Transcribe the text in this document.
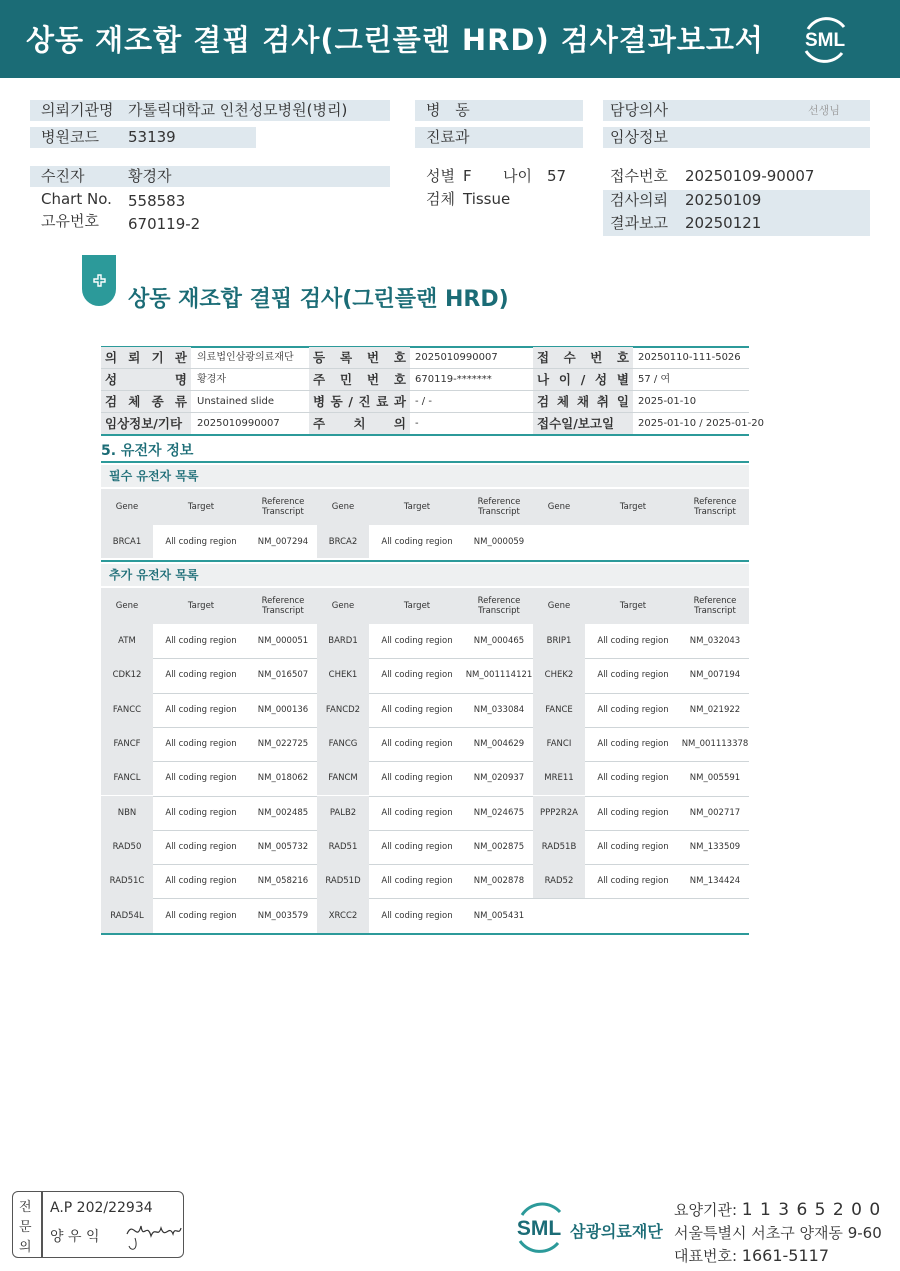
상동 재조합 결핍 검사(그린플랜 HRD) 검사결과보고서 SML
의뢰기관명 가톨릭대학교 인천성모병원(병리)
병원코드 53139
병 동
진료과
담당의사	선생님
임상정보
수진자	황경자
Chart No. 558583
고유번호 670119-2
성별 F 나이 57
검체 Tissue
접수번호 20250109-90007
검사의뢰 20250109
결과보고 20250121
상동 재조합 결핍 검사(그린플랜 HRD)
의 뢰 기 관	의료법인삼광의료재단	등 록 번 호 2025010990007	접 수 번 호 20250110-111-5026
성 명	황경자	주 민 번 호 670119-*******	나 이 / 성 별 57 / 여
검 체 종 류	Unstained slide	병 동 / 진 료 과 - / -	검 체 채 취 일 2025-01-10
임상정보/기타	2025010990007	주 치 의 -	접수일/보고일	2025-01-10 / 2025-01-20
5. 유전자 정보
필수 유전자 목록
Gene	Target	Reference Transcript	Gene	Target	Reference Transcript	Gene	Target	Reference Transcript
BRCA1	All coding region	NM_007294	BRCA2	All coding region	NM_000059
추가 유전자 목록
Gene	Target	Reference Transcript	Gene	Target	Reference Transcript	Gene	Target	Reference Transcript
ATM	All coding region	NM_000051	BARD1	All coding region	NM_000465	BRIP1	All coding region	NM_032043
CDK12	All coding region	NM_016507	CHEK1	All coding region	NM_001114121	CHEK2	All coding region	NM_007194
FANCC	All coding region	NM_000136	FANCD2	All coding region	NM_033084	FANCE	All coding region	NM_021922
FANCF	All coding region	NM_022725	FANCG	All coding region	NM_004629	FANCI	All coding region	NM_001113378
FANCL	All coding region	NM_018062	FANCM	All coding region	NM_020937	MRE11	All coding region	NM_005591
NBN	All coding region	NM_002485	PALB2	All coding region	NM_024675	PPP2R2A	All coding region	NM_002717
RAD50	All coding region	NM_005732	RAD51	All coding region	NM_002875	RAD51B	All coding region	NM_133509
RAD51C	All coding region	NM_058216	RAD51D	All coding region	NM_002878	RAD52	All coding region	NM_134424
RAD54L	All coding region	NM_003579	XRCC2	All coding region	NM_005431
전
문
의
A.P 202/22934
양 우 익	SML 삼광의료재단
요양기관: 1 1 3 6 5 2 0 0
서울특별시 서초구 양재동 9-60
대표번호: 1661-5117
